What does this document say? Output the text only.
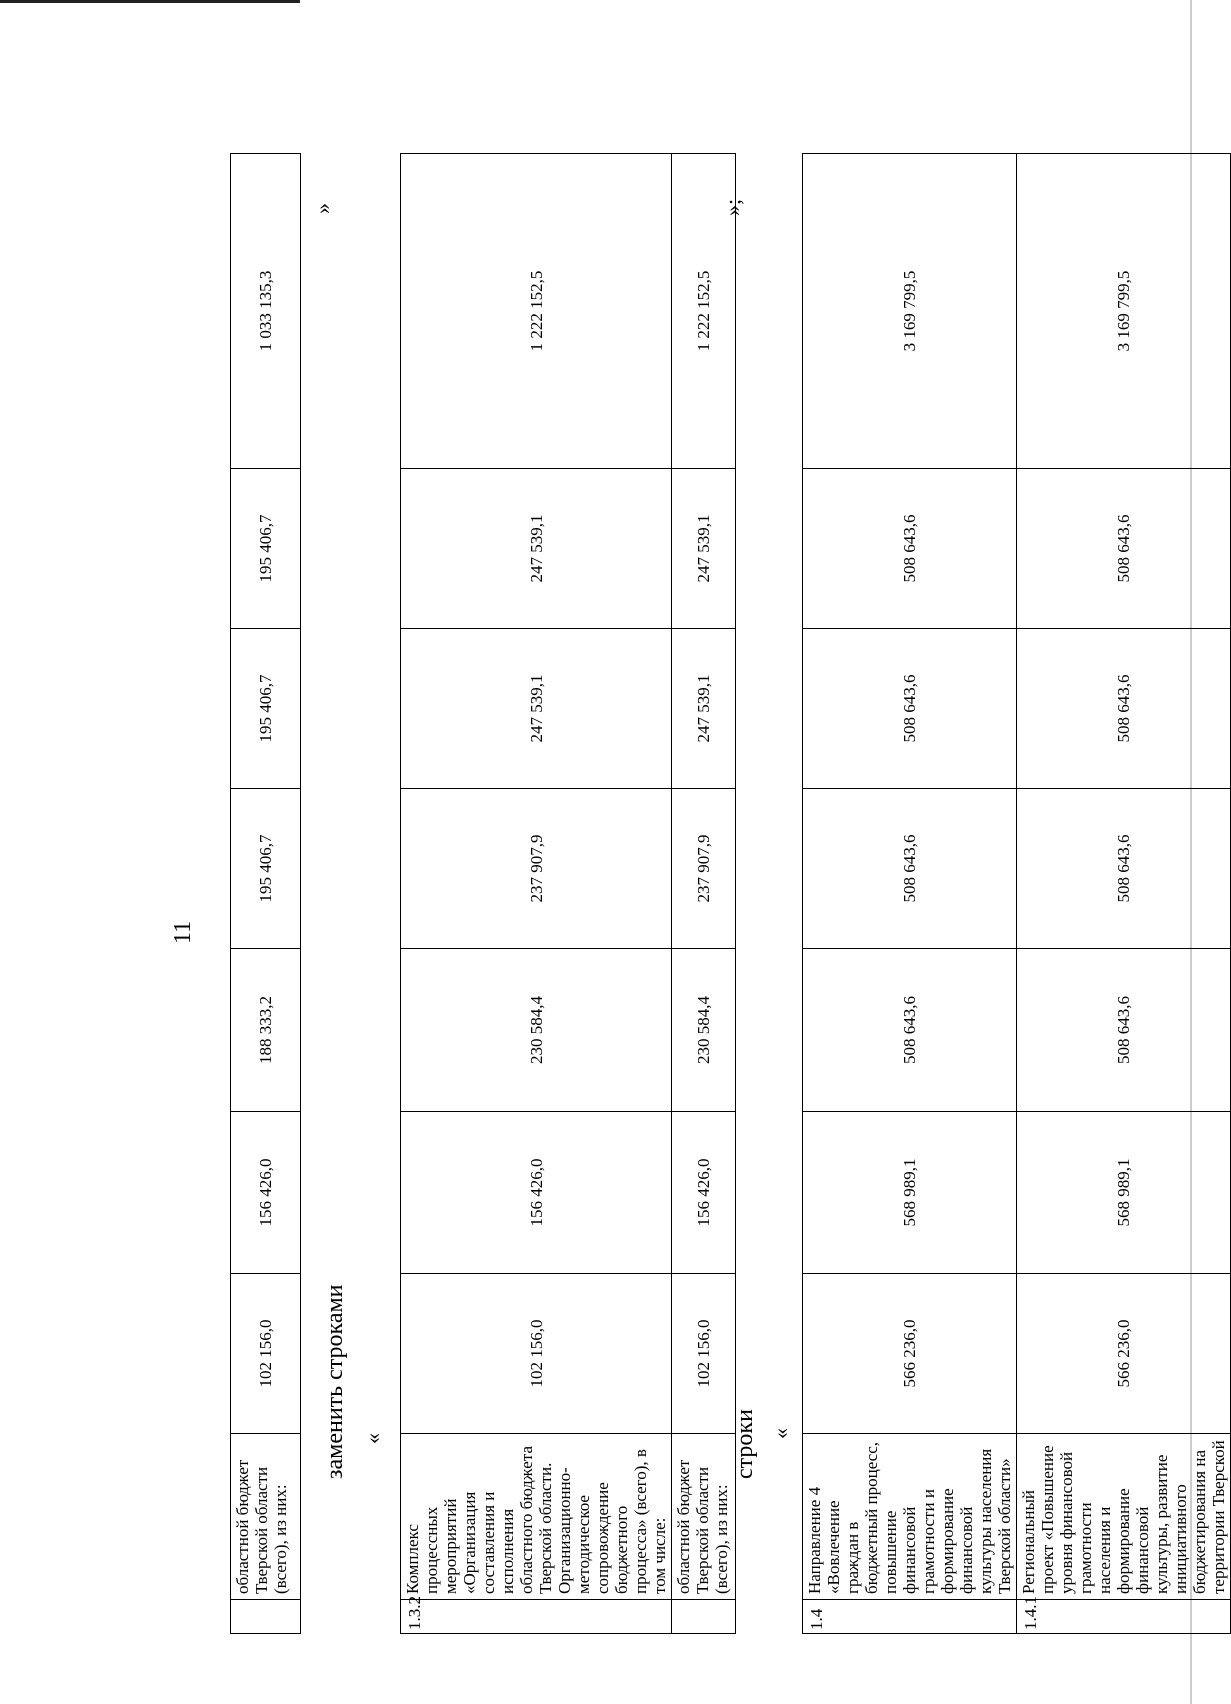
11
	областной бюджет Тверской области (всего), из них:	102 156,0	156 426,0	188 333,2	195 406,7	195 406,7	195 406,7	1 033 135,3
»
заменить строками «
1.3.2	Комплекс процессных мероприятий «Организация составления и исполнения областного бюджета Тверской области. Организационно-методическое сопровождение бюджетного процесса» (всего), в том числе:	102 156,0	156 426,0	230 584,4	237 907,9	247 539,1	247 539,1	1 222 152,5
	областной бюджет Тверской области (всего), из них:	102 156,0	156 426,0	230 584,4	237 907,9	247 539,1	247 539,1	1 222 152,5
»;
строки «
1.4	Направление 4 «Вовлечение граждан в бюджетный процесс, повышение финансовой грамотности и формирование финансовой культуры населения Тверской области»	566 236,0	568 989,1	508 643,6	508 643,6	508 643,6	508 643,6	3 169 799,5
1.4.1	Региональный проект «Повышение уровня финансовой грамотности населения и формирование финансовой культуры, развитие инициативного бюджетирования на территории Тверской	566 236,0	568 989,1	508 643,6	508 643,6	508 643,6	508 643,6	3 169 799,5
